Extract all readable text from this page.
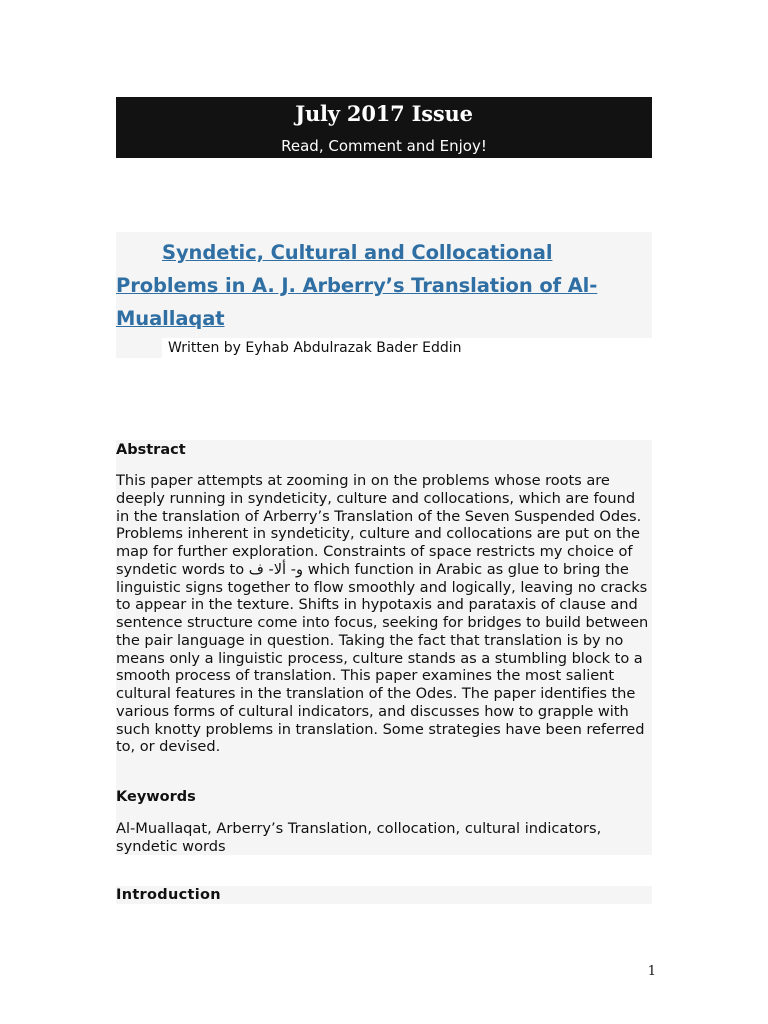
July 2017 Issue
Read, Comment and Enjoy!

Syndetic, Cultural and Collocational Problems in A. J. Arberry’s Translation of Al-Muallaqat

Written by Eyhab Abdulrazak Bader Eddin

Abstract

This paper attempts at zooming in on the problems whose roots are deeply running in syndeticity, culture and collocations, which are found in the translation of Arberry’s Translation of the Seven Suspended Odes. Problems inherent in syndeticity, culture and collocations are put on the map for further exploration. Constraints of space restricts my choice of syndetic words to و- ألا- ف which function in Arabic as glue to bring the linguistic signs together to flow smoothly and logically, leaving no cracks to appear in the texture. Shifts in hypotaxis and parataxis of clause and sentence structure come into focus, seeking for bridges to build between the pair language in question. Taking the fact that translation is by no means only a linguistic process, culture stands as a stumbling block to a smooth process of translation. This paper examines the most salient cultural features in the translation of the Odes. The paper identifies the various forms of cultural indicators, and discusses how to grapple with such knotty problems in translation. Some strategies have been referred to, or devised.

Keywords

Al-Muallaqat, Arberry’s Translation, collocation, cultural indicators, syndetic words

Introduction
1
